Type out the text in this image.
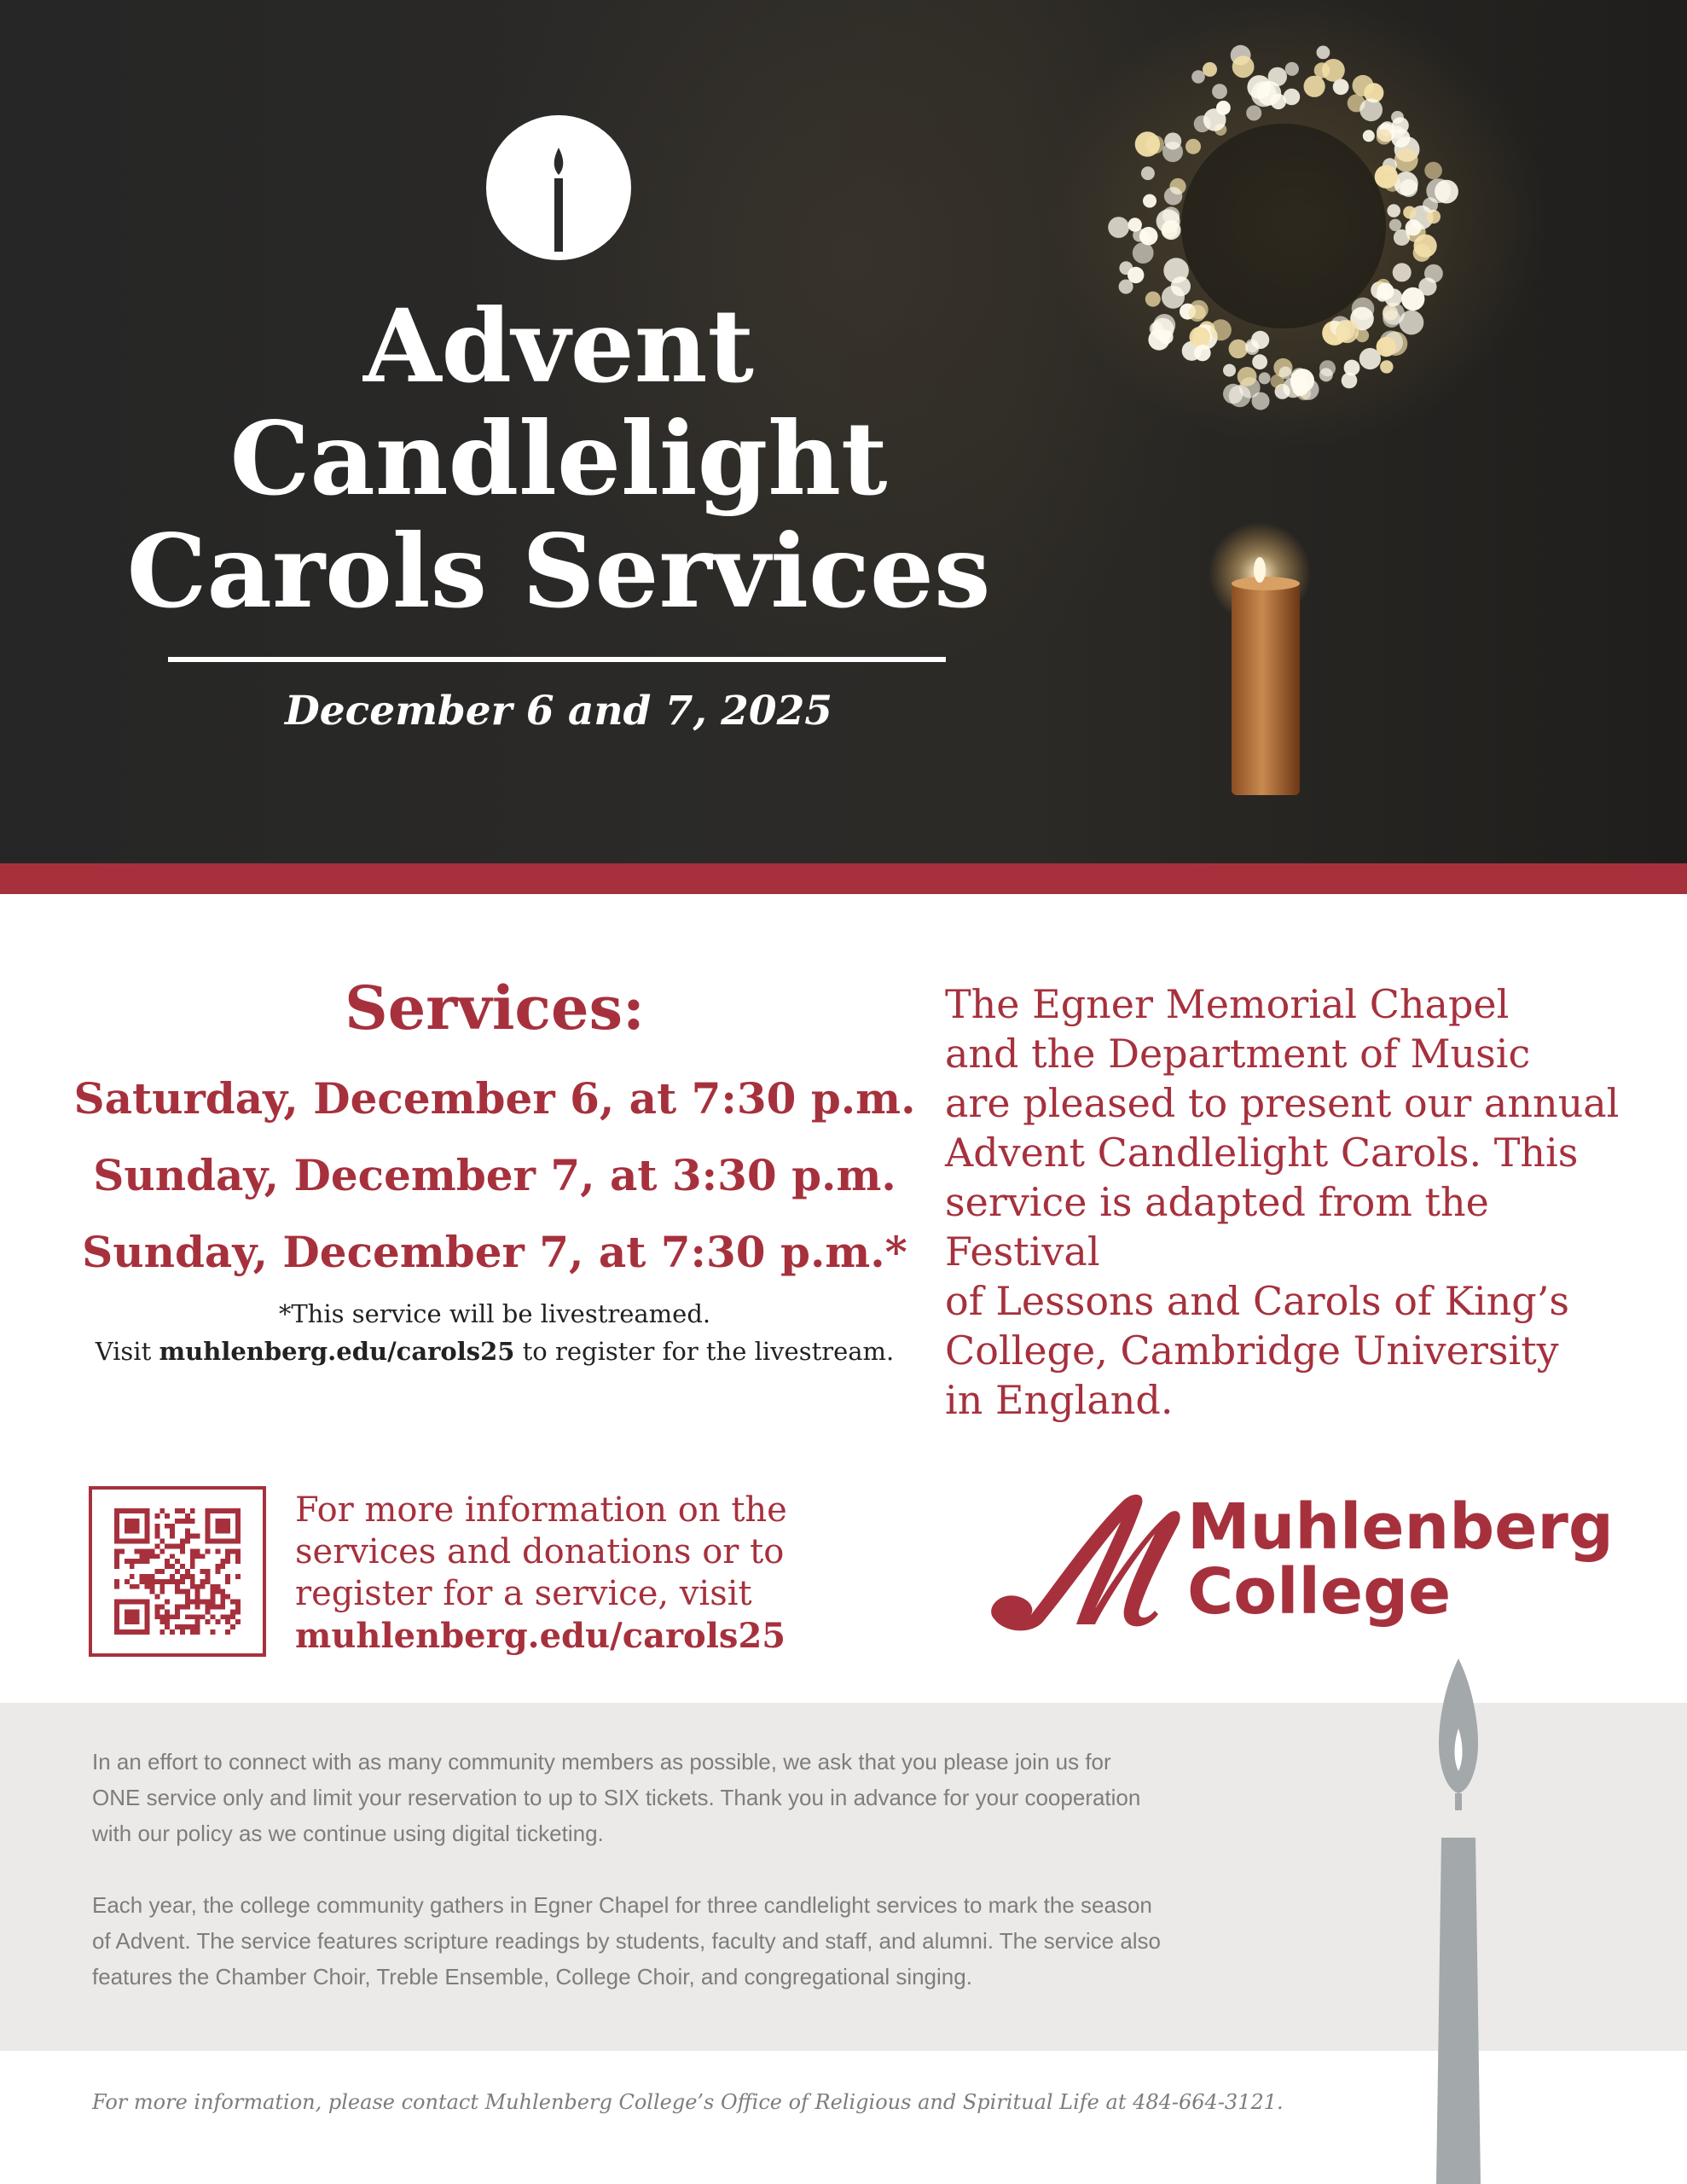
Advent
Candlelight
Carols Services
December 6 and 7, 2025
Services:
Saturday, December 6, at 7:30 p.m.
Sunday, December 7, at 3:30 p.m.
Sunday, December 7, at 7:30 p.m.*
*This service will be livestreamed.
Visit muhlenberg.edu/carols25 to register for the livestream.
The Egner Memorial Chapel
and the Department of Music
are pleased to present our annual
Advent Candlelight Carols. This
service is adapted from the Festival
of Lessons and Carols of King’s
College, Cambridge University
in England.
For more information on the
services and donations or to
register for a service, visit
muhlenberg.edu/carols25
Muhlenberg
College
In an effort to connect with as many community members as possible, we ask that you please join us for
ONE service only and limit your reservation to up to SIX tickets. Thank you in advance for your cooperation
with our policy as we continue using digital ticketing.
Each year, the college community gathers in Egner Chapel for three candlelight services to mark the season
of Advent. The service features scripture readings by students, faculty and staff, and alumni. The service also
features the Chamber Choir, Treble Ensemble, College Choir, and congregational singing.
For more information, please contact Muhlenberg College’s Office of Religious and Spiritual Life at 484-664-3121.
